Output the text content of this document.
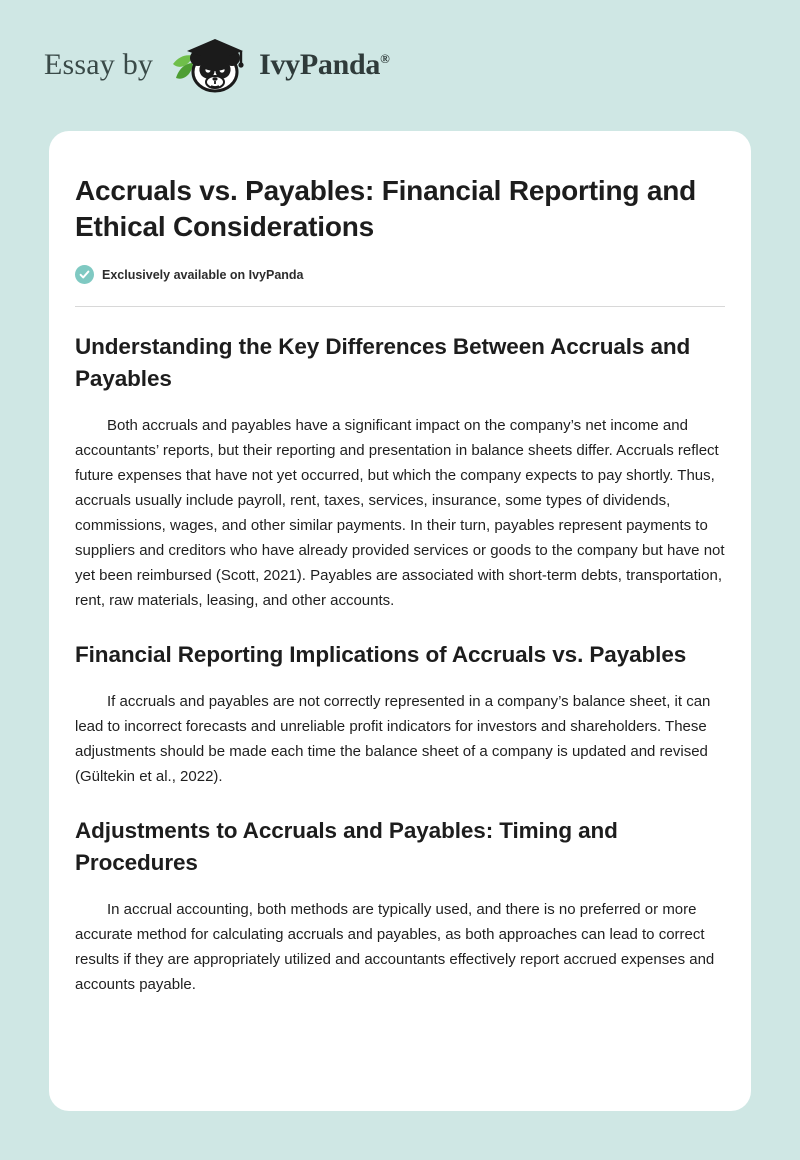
Essay by	IvyPanda®
Accruals vs. Payables: Financial Reporting and Ethical Considerations
Exclusively available on IvyPanda
Understanding the Key Differences Between Accruals and Payables

Both accruals and payables have a significant impact on the company’s net income and accountants’ reports, but their reporting and presentation in balance sheets differ. Accruals reflect future expenses that have not yet occurred, but which the company expects to pay shortly. Thus, accruals usually include payroll, rent, taxes, services, insurance, some types of dividends, commissions, wages, and other similar payments. In their turn, payables represent payments to suppliers and creditors who have already provided services or goods to the company but have not yet been reimbursed (Scott, 2021). Payables are associated with short-term debts, transportation, rent, raw materials, leasing, and other accounts.

Financial Reporting Implications of Accruals vs. Payables

If accruals and payables are not correctly represented in a company’s balance sheet, it can lead to incorrect forecasts and unreliable profit indicators for investors and shareholders. These adjustments should be made each time the balance sheet of a company is updated and revised (Gültekin et al., 2022).

Adjustments to Accruals and Payables: Timing and Procedures

In accrual accounting, both methods are typically used, and there is no preferred or more accurate method for calculating accruals and payables, as both approaches can lead to correct results if they are appropriately utilized and accountants effectively report accrued expenses and accounts payable.
